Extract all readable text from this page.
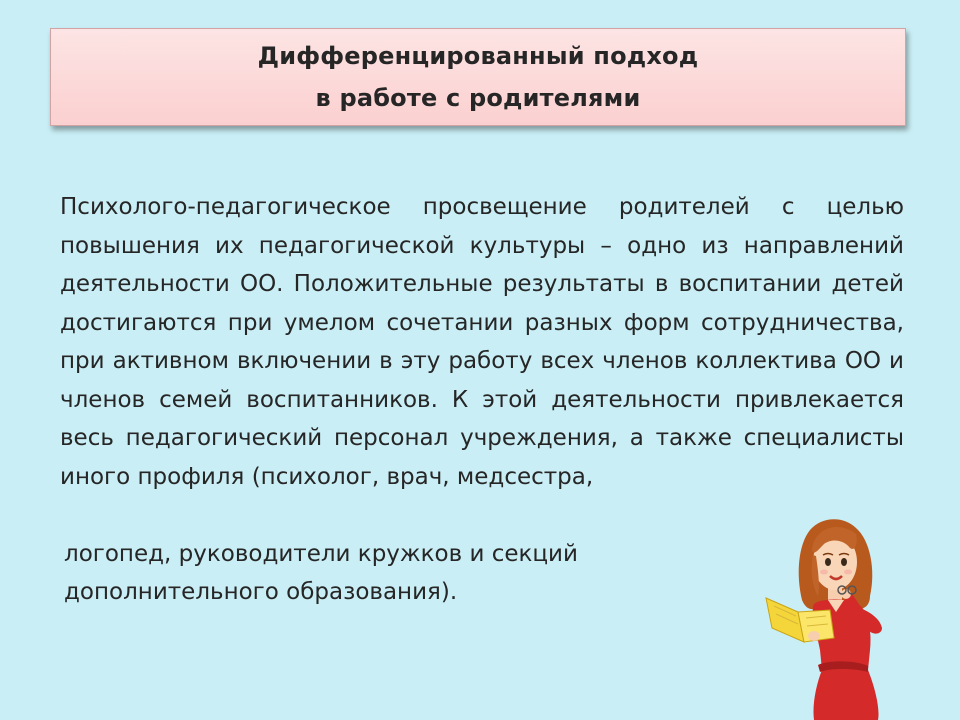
Дифференцированный подход
в работе с родителями
Психолого-педагогическое просвещение родителей с целью повышения их педагогической культуры – одно из направлений деятельности ОО. Положительные результаты в воспитании детей достигаются при умелом сочетании разных форм сотрудничества, при активном включении в эту работу всех членов коллектива ОО и членов семей воспитанников. К этой деятельности привлекается весь педагогический персонал учреждения, а также специалисты иного профиля (психолог, врач, медсестра,
логопед, руководители кружков и секций
дополнительного образования).
